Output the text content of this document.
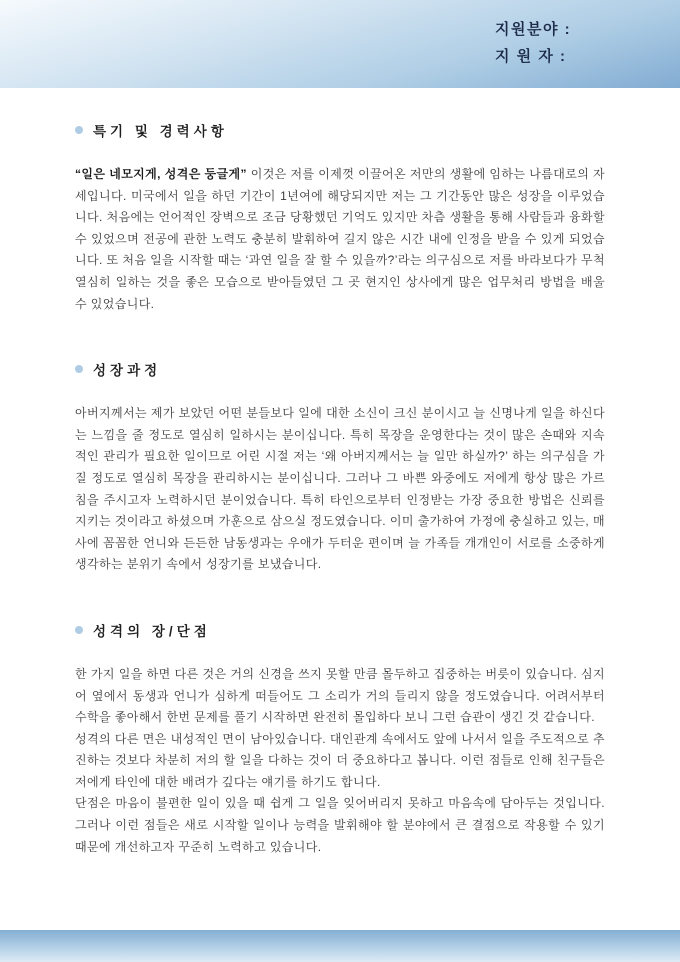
지원분야 :
지 원 자 :
특기 및 경력사항

“일은 네모지게, 성격은 둥글게” 이것은 저를 이제껏 이끌어온 저만의 생활에 임하는 나름대로의 자세입니다. 미국에서 일을 하던 기간이 1년여에 해당되지만 저는 그 기간동안 많은 성장을 이루었습니다. 처음에는 언어적인 장벽으로 조금 당황했던 기억도 있지만 차츰 생활을 통해 사람들과 융화할 수 있었으며 전공에 관한 노력도 충분히 발휘하여 길지 않은 시간 내에 인정을 받을 수 있게 되었습니다. 또 처음 일을 시작할 때는 ‘과연 일을 잘 할 수 있을까?’라는 의구심으로 저를 바라보다가 무척 열심히 일하는 것을 좋은 모습으로 받아들였던 그 곳 현지인 상사에게 많은 업무처리 방법을 배울 수 있었습니다.

성장과정

아버지께서는 제가 보았던 어떤 분들보다 일에 대한 소신이 크신 분이시고 늘 신명나게 일을 하신다는 느낌을 줄 정도로 열심히 일하시는 분이십니다. 특히 목장을 운영한다는 것이 많은 손때와 지속적인 관리가 필요한 일이므로 어린 시절 저는 ‘왜 아버지께서는 늘 일만 하실까?’ 하는 의구심을 가질 정도로 열심히 목장을 관리하시는 분이십니다. 그러나 그 바쁜 와중에도 저에게 항상 많은 가르침을 주시고자 노력하시던 분이었습니다. 특히 타인으로부터 인정받는 가장 중요한 방법은 신뢰를 지키는 것이라고 하셨으며 가훈으로 삼으실 정도였습니다. 이미 출가하여 가정에 충실하고 있는, 매사에 꼼꼼한 언니와 든든한 남동생과는 우애가 두터운 편이며 늘 가족들 개개인이 서로를 소중하게 생각하는 분위기 속에서 성장기를 보냈습니다.

성격의 장/단점

한 가지 일을 하면 다른 것은 거의 신경을 쓰지 못할 만큼 몰두하고 집중하는 버릇이 있습니다. 심지어 옆에서 동생과 언니가 심하게 떠들어도 그 소리가 거의 들리지 않을 정도였습니다. 어려서부터 수학을 좋아해서 한번 문제를 풀기 시작하면 완전히 몰입하다 보니 그런 습관이 생긴 것 같습니다.

성격의 다른 면은 내성적인 면이 남아있습니다. 대인관계 속에서도 앞에 나서서 일을 주도적으로 추진하는 것보다 차분히 저의 할 일을 다하는 것이 더 중요하다고 봅니다. 이런 점들로 인해 친구들은 저에게 타인에 대한 배려가 깊다는 얘기를 하기도 합니다.

단점은 마음이 불편한 일이 있을 때 쉽게 그 일을 잊어버리지 못하고 마음속에 담아두는 것입니다. 그러나 이런 점들은 새로 시작할 일이나 능력을 발휘해야 할 분야에서 큰 결점으로 작용할 수 있기 때문에 개선하고자 꾸준히 노력하고 있습니다.
